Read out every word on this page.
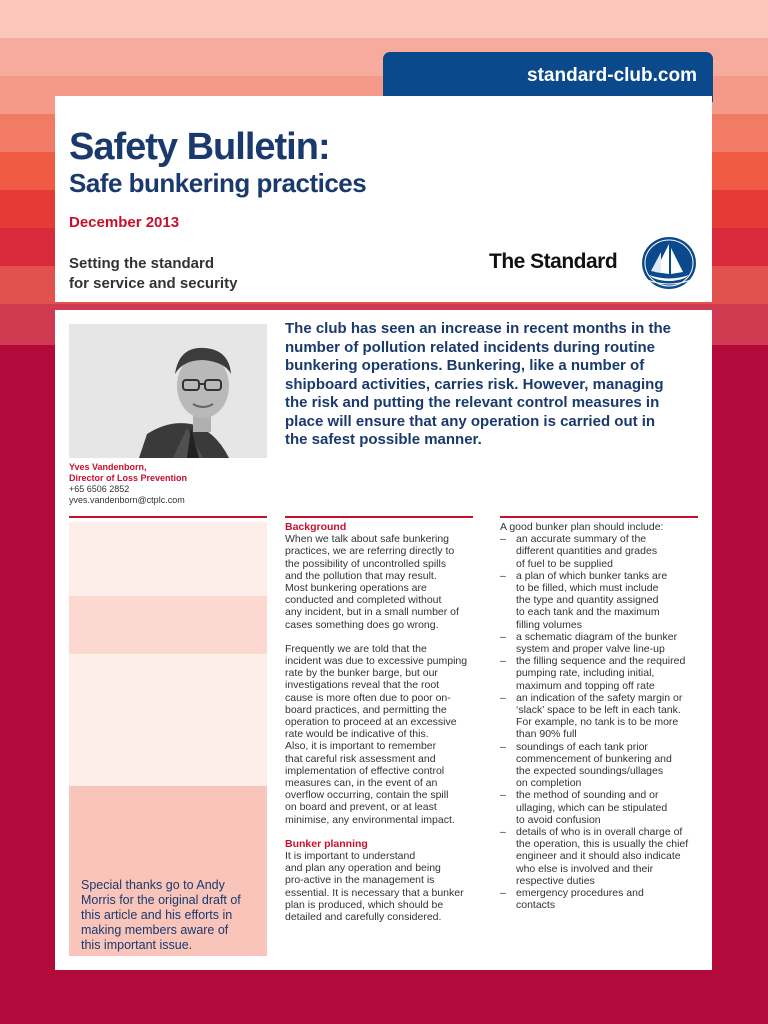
standard-club.com
Safety Bulletin:
Safe bunkering practices
December 2013
Setting the standard
for service and security
The Standard
Yves Vandenborn,
Director of Loss Prevention
+65 6506 2852
yves.vandenborn@ctplc.com
The club has seen an increase in recent months in the
number of pollution related incidents during routine
bunkering operations. Bunkering, like a number of
shipboard activities, carries risk. However, managing
the risk and putting the relevant control measures in
place will ensure that any operation is carried out in
the safest possible manner.
Special thanks go to Andy
Morris for the original draft of
this article and his efforts in
making members aware of
this important issue.
Background
When we talk about safe bunkering
practices, we are referring directly to
the possibility of uncontrolled spills
and the pollution that may result.
Most bunkering operations are
conducted and completed without
any incident, but in a small number of
cases something does go wrong.
Frequently we are told that the
incident was due to excessive pumping
rate by the bunker barge, but our
investigations reveal that the root
cause is more often due to poor on-
board practices, and permitting the
operation to proceed at an excessive
rate would be indicative of this.
Also, it is important to remember
that careful risk assessment and
implementation of effective control
measures can, in the event of an
overflow occurring, contain the spill
on board and prevent, or at least
minimise, any environmental impact.
Bunker planning
It is important to understand
and plan any operation and being
pro-active in the management is
essential. It is necessary that a bunker
plan is produced, which should be
detailed and carefully considered.
A good bunker plan should include:
– an accurate summary of the
different quantities and grades
of fuel to be supplied
– a plan of which bunker tanks are
to be filled, which must include
the type and quantity assigned
to each tank and the maximum
filling volumes
– a schematic diagram of the bunker
system and proper valve line-up
– the filling sequence and the required
pumping rate, including initial,
maximum and topping off rate
– an indication of the safety margin or
‘slack’ space to be left in each tank.
For example, no tank is to be more
than 90% full
– soundings of each tank prior
commencement of bunkering and
the expected soundings/ullages
on completion
– the method of sounding and or
ullaging, which can be stipulated
to avoid confusion
– details of who is in overall charge of
the operation, this is usually the chief
engineer and it should also indicate
who else is involved and their
respective duties
– emergency procedures and
contacts
